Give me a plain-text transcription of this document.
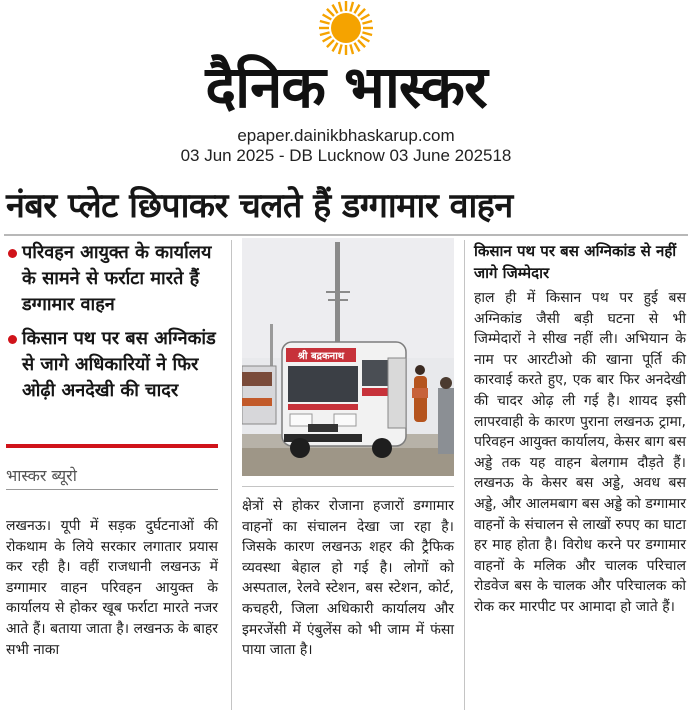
दैनिक भास्कर
epaper.dainikbhaskarup.com
03 Jun 2025 - DB Lucknow 03 June 202518
नंबर प्लेट छिपाकर चलते हैं डग्गामार वाहन
परिवहन आयुक्त के कार्यालय के सामने से फर्राटा मारते हैं डग्गामार वाहन
किसान पथ पर बस अग्निकांड से जागे अधिकारियों ने फिर ओढ़ी अनदेखी की चादर
भास्कर ब्यूरो
लखनऊ। यूपी में सड़क दुर्घटनाओं की रोकथाम के लिये सरकार लगातार प्रयास कर रही है। वहीं राजधानी लखनऊ में डग्गामार वाहन परिवहन आयुक्त के कार्यालय से होकर खूब फर्राटा मारते नजर आते हैं। बताया जाता है। लखनऊ के बाहर सभी नाका
श्री बद्रकनाथ
क्षेत्रों से होकर रोजाना हजारों डग्गामार वाहनों का संचालन देखा जा रहा है। जिसके कारण लखनऊ शहर की ट्रैफिक व्यवस्था बेहाल हो गई है। लोगों को अस्पताल, रेलवे स्टेशन, बस स्टेशन, कोर्ट, कचहरी, जिला अधिकारी कार्यालय और इमरजेंसी में एंबुलेंस को भी जाम में फंसा पाया जाता है।
किसान पथ पर बस अग्निकांड से नहीं जागे जिम्मेदार
हाल ही में किसान पथ पर हुई बस अग्निकांड जैसी बड़ी घटना से भी जिम्मेदारों ने सीख नहीं ली। अभियान के नाम पर आरटीओ की खाना पूर्ति की कारवाई करते हुए, एक बार फिर अनदेखी की चादर ओढ़ ली गई है। शायद इसी लापरवाही के कारण पुराना लखनऊ ट्रामा, परिवहन आयुक्त कार्यालय, केसर बाग बस अड्डे तक यह वाहन बेलगाम दौड़ते हैं। लखनऊ के केसर बस अड्डे, अवध बस अड्डे, और आलमबाग बस अड्डे को डग्गामार वाहनों के संचालन से लाखों रुपए का घाटा हर माह होता है। विरोध करने पर डग्गामार वाहनों के मलिक और चालक परिचाल रोडवेज बस के चालक और परिचालक को रोक कर मारपीट पर आमादा हो जाते हैं।
